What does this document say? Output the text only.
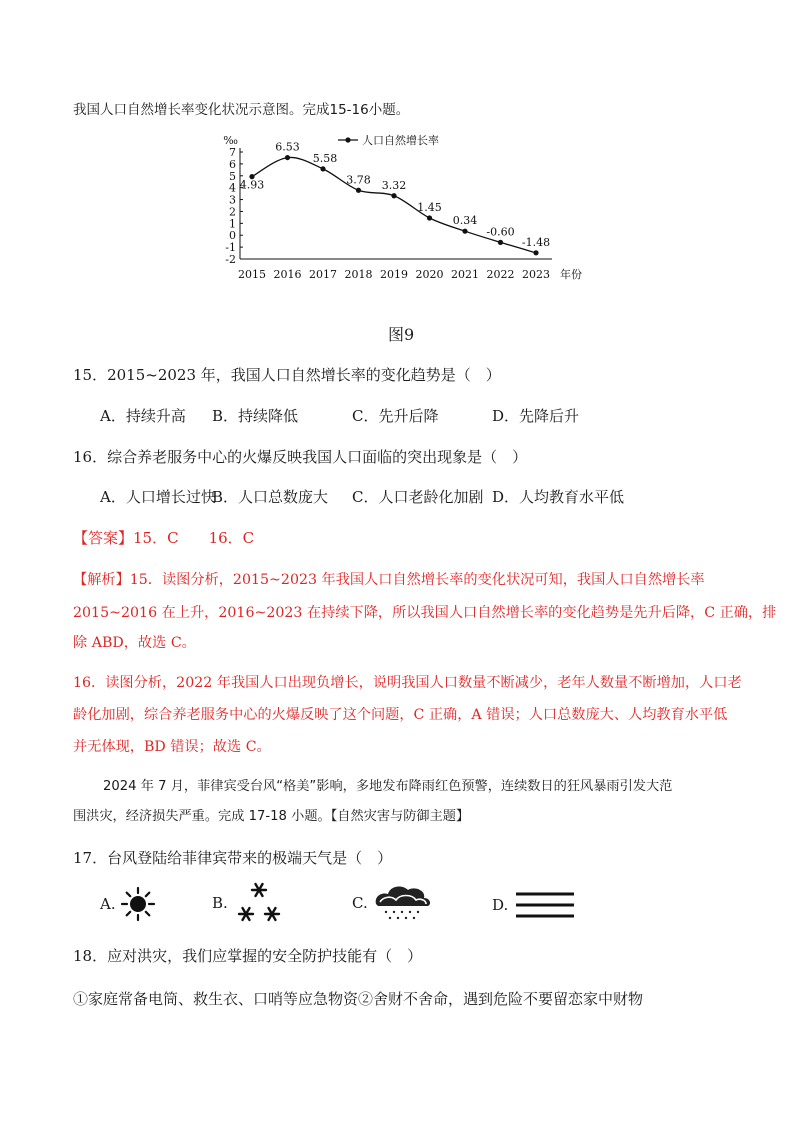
我国人口自然增长率变化状况示意图。完成15-16小题。
4.93
6.53
5.58
3.78 3.32
1.45
0.34
-0.60
-1.48
‰
7
6
5
4
3
2
1
0
-1
-2
2015 2016 2017 2018 2019 2020 2021 2022 2023 年份
人口自然增长率
图9
15．2015~2023 年，我国人口自然增长率的变化趋势是（　）
A．持续升高 B．持续降低	C．先升后降	D．先降后升
16．综合养老服务中心的火爆反映我国人口面临的突出现象是（　）
A．人口增长过快
B．人口总数庞大 C．人口老龄化加剧 D．人均教育水平低
【答案】15．C　　16．C
【解析】15．读图分析，2015~2023 年我国人口自然增长率的变化状况可知，我国人口自然增长率
2015~2016 在上升，2016~2023 在持续下降，所以我国人口自然增长率的变化趋势是先升后降，C 正确，排
除 ABD，故选 C。
16．读图分析，2022 年我国人口出现负增长，说明我国人口数量不断减少，老年人数量不断增加，人口老
龄化加剧，综合养老服务中心的火爆反映了这个问题，C 正确，A 错误；人口总数庞大、人均教育水平低
并无体现，BD 错误；故选 C。
2024 年 7 月，菲律宾受台风“格美”影响，多地发布降雨红色预警，连续数日的狂风暴雨引发大范
围洪灾，经济损失严重。完成 17-18 小题。【自然灾害与防御主题】
17．台风登陆给菲律宾带来的极端天气是（　）
A.	B.	C.	D.
18．应对洪灾，我们应掌握的安全防护技能有（　）
①家庭常备电筒、救生衣、口哨等应急物资②舍财不舍命，遇到危险不要留恋家中财物
